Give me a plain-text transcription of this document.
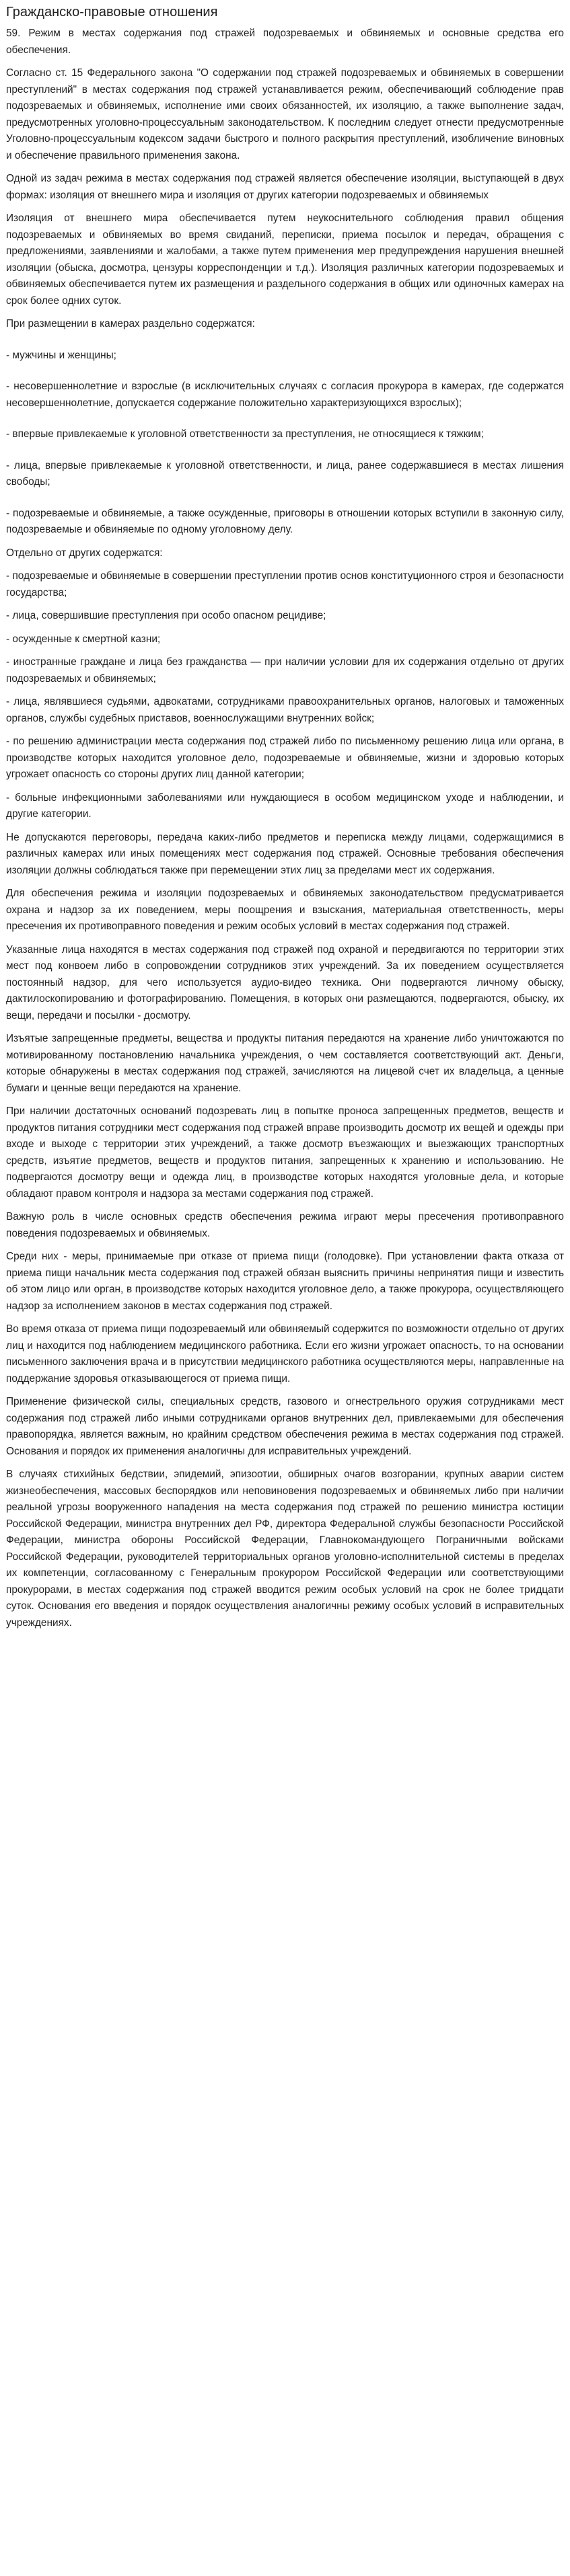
Гражданско-правовые отношения

59. Режим в местах содержания под стражей подозреваемых и обвиняемых и основные средства его обеспечения.

Согласно ст. 15 Федерального закона "О содержании под стражей подозреваемых и обвиняемых в совершении преступлений" в местах содержания под стражей устанавливается режим, обеспечивающий соблюдение прав подозреваемых и обвиняемых, исполнение ими своих обязанностей, их изоляцию, а также выполнение задач, предусмотренных уголовно-процессуальным законодательством. К последним следует отнести предусмотренные Уголовно-процессуальным кодексом задачи быстрого и полного раскрытия преступлений, изобличение виновных и обеспечение правильного применения закона.

Одной из задач режима в местах содержания под стражей является обеспечение изоляции, выступающей в двух формах: изоляция от внешнего мира и изоляция от других категории подозреваемых и обвиняемых

Изоляция от внешнего мира обеспечивается путем неукоснительного соблюдения правил общения подозреваемых и обвиняемых во время свиданий, переписки, приема посылок и передач, обращения с предложениями, заявлениями и жалобами, а также путем применения мер предупреждения нарушения внешней изоляции (обыска, досмотра, цензуры корреспонденции и т.д.). Изоляция различных категории подозреваемых и обвиняемых обеспечивается путем их размещения и раздельного содержания в общих или одиночных камерах на срок более одних суток.

При размещении в камерах раздельно содержатся:

- мужчины и женщины;

- несовершеннолетние и взрослые (в исключительных случаях с согласия прокурора в камерах, где содержатся несовершеннолетние, допускается содержание положительно характеризующихся взрослых);

- впервые привлекаемые к уголовной ответственности за преступления, не относящиеся к тяжким;

- лица, впервые привлекаемые к уголовной ответственности, и лица, ранее содержавшиеся в местах лишения свободы;

- подозреваемые и обвиняемые, а также осужденные, приговоры в отношении которых вступили в законную силу, подозреваемые и обвиняемые по одному уголовному делу.

Отдельно от других содержатся:

- подозреваемые и обвиняемые в совершении преступлении против основ конституционного строя и безопасности государства;

- лица, совершившие преступления при особо опасном рецидиве;

- осужденные к смертной казни;

- иностранные граждане и лица без гражданства — при наличии условии для их содержания отдельно от других подозреваемых и обвиняемых;

- лица, являвшиеся судьями, адвокатами, сотрудниками правоохранительных органов, налоговых и таможенных органов, службы судебных приставов, военнослужащими внутренних войск;

- по решению администрации места содержания под стражей либо по письменному решению лица или органа, в производстве которых находится уголовное дело, подозреваемые и обвиняемые, жизни и здоровью которых угрожает опасность со стороны других лиц данной категории;

- больные инфекционными заболеваниями или нуждающиеся в особом медицинском уходе и наблюдении, и другие категории.

Не допускаются переговоры, передача каких-либо предметов и переписка между лицами, содержащимися в различных камерах или иных помещениях мест содержания под стражей. Основные требования обеспечения изоляции должны соблюдаться также при перемещении этих лиц за пределами мест их содержания.

Для обеспечения режима и изоляции подозреваемых и обвиняемых законодательством предусматривается охрана и надзор за их поведением, меры поощрения и взыскания, материальная ответственность, меры пресечения их противоправного поведения и режим особых условий в местах содержания под стражей.

Указанные лица находятся в местах содержания под стражей под охраной и передвигаются по территории этих мест под конвоем либо в сопровождении сотрудников этих учреждений. За их поведением осуществляется постоянный надзор, для чего используется аудио-видео техника. Они подвергаются личному обыску, дактилоскопированию и фотографированию. Помещения, в которых они размещаются, подвергаются, обыску, их вещи, передачи и посылки - досмотру.

Изъятые запрещенные предметы, вещества и продукты питания передаются на хранение либо уничтожаются по мотивированному постановлению начальника учреждения, о чем составляется соответствующий акт. Деньги, которые обнаружены в местах содержания под стражей, зачисляются на лицевой счет их владельца, а ценные бумаги и ценные вещи передаются на хранение.

При наличии достаточных оснований подозревать лиц в попытке проноса запрещенных предметов, веществ и продуктов питания сотрудники мест содержания под стражей вправе производить досмотр их вещей и одежды при входе и выходе с территории этих учреждений, а также досмотр въезжающих и выезжающих транспортных средств, изъятие предметов, веществ и продуктов питания, запрещенных к хранению и использованию. Не подвергаются досмотру вещи и одежда лиц, в производстве которых находятся уголовные дела, и которые обладают правом контроля и надзора за местами содержания под стражей.

Важную роль в числе основных средств обеспечения режима играют меры пресечения противоправного поведения подозреваемых и обвиняемых.

Среди них - меры, принимаемые при отказе от приема пищи (голодовке). При установлении факта отказа от приема пищи начальник места содержания под стражей обязан выяснить причины непринятия пищи и известить об этом лицо или орган, в производстве которых находится уголовное дело, а также прокурора, осуществляющего надзор за исполнением законов в местах содержания под стражей.

Во время отказа от приема пищи подозреваемый или обвиняемый содержится по возможности отдельно от других лиц и находится под наблюдением медицинского работника. Если его жизни угрожает опасность, то на основании письменного заключения врача и в присутствии медицинского работника осуществляются меры, направленные на поддержание здоровья отказывающегося от приема пищи.

Применение физической силы, специальных средств, газового и огнестрельного оружия сотрудниками мест содержания под стражей либо иными сотрудниками органов внутренних дел, привлекаемыми для обеспечения правопорядка, является важным, но крайним средством обеспечения режима в местах содержания под стражей. Основания и порядок их применения аналогичны для исправительных учреждений.

В случаях стихийных бедствии, эпидемий, эпизоотии, обширных очагов возгорании, крупных аварии систем жизнеобеспечения, массовых беспорядков или неповиновения подозреваемых и обвиняемых либо при наличии реальной угрозы вооруженного нападения на места содержания под стражей по решению министра юстиции Российской Федерации, министра внутренних дел РФ, директора Федеральной службы безопасности Российской Федерации, министра обороны Российской Федерации, Главнокомандующего Пограничными войсками Российской Федерации, руководителей территориальных органов уголовно-исполнительной системы в пределах их компетенции, согласованному с Генеральным прокурором Российской Федерации или соответствующими прокурорами, в местах содержания под стражей вводится режим особых условий на срок не более тридцати суток. Основания его введения и порядок осуществления аналогичны режиму особых условий в исправительных учреждениях.
